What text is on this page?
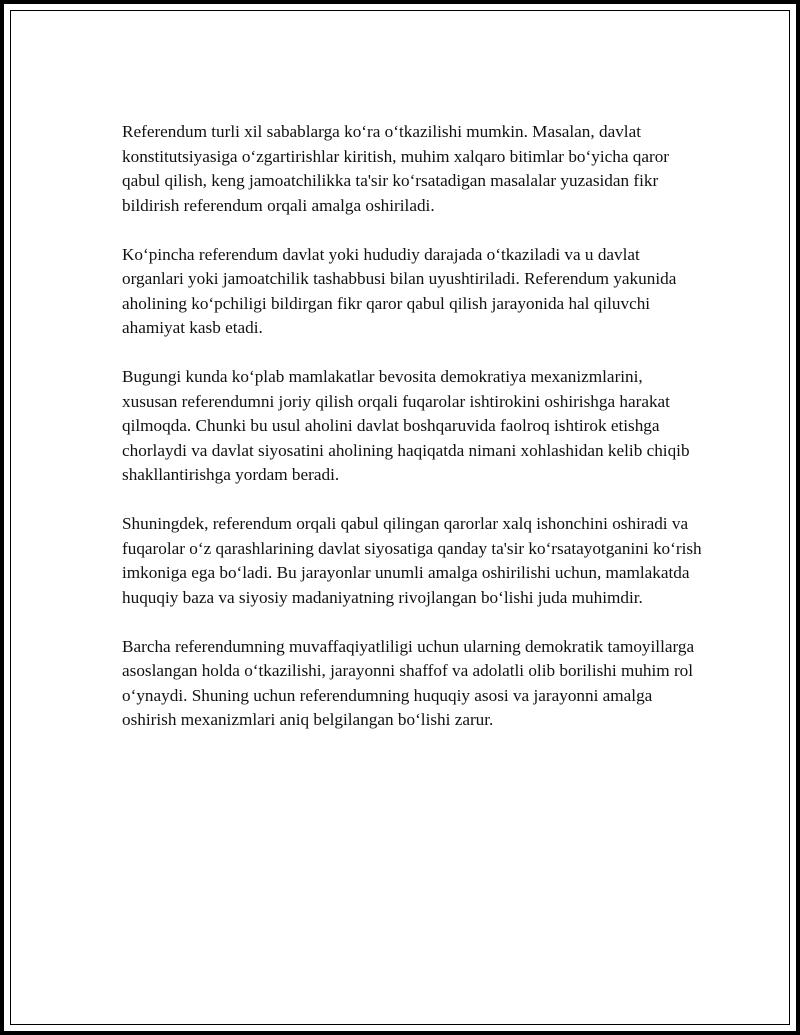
Referendum turli xil sabablarga koʻra oʻtkazilishi mumkin. Masalan, davlat konstitutsiyasiga oʻzgartirishlar kiritish, muhim xalqaro bitimlar boʻyicha qaror qabul qilish, keng jamoatchilikka ta'sir koʻrsatadigan masalalar yuzasidan fikr bildirish referendum orqali amalga oshiriladi.

Koʻpincha referendum davlat yoki hududiy darajada oʻtkaziladi va u davlat organlari yoki jamoatchilik tashabbusi bilan uyushtiriladi. Referendum yakunida aholining koʻpchiligi bildirgan fikr qaror qabul qilish jarayonida hal qiluvchi ahamiyat kasb etadi.

Bugungi kunda koʻplab mamlakatlar bevosita demokratiya mexanizmlarini, xususan referendumni joriy qilish orqali fuqarolar ishtirokini oshirishga harakat qilmoqda. Chunki bu usul aholini davlat boshqaruvida faolroq ishtirok etishga chorlaydi va davlat siyosatini aholining haqiqatda nimani xohlashidan kelib chiqib shakllantirishga yordam beradi.

Shuningdek, referendum orqali qabul qilingan qarorlar xalq ishonchini oshiradi va fuqarolar oʻz qarashlarining davlat siyosatiga qanday ta'sir koʻrsatayotganini koʻrish imkoniga ega boʻladi. Bu jarayonlar unumli amalga oshirilishi uchun, mamlakatda huquqiy baza va siyosiy madaniyatning rivojlangan boʻlishi juda muhimdir.

Barcha referendumning muvaffaqiyatliligi uchun ularning demokratik tamoyillarga asoslangan holda oʻtkazilishi, jarayonni shaffof va adolatli olib borilishi muhim rol oʻynaydi. Shuning uchun referendumning huquqiy asosi va jarayonni amalga oshirish mexanizmlari aniq belgilangan boʻlishi zarur.
